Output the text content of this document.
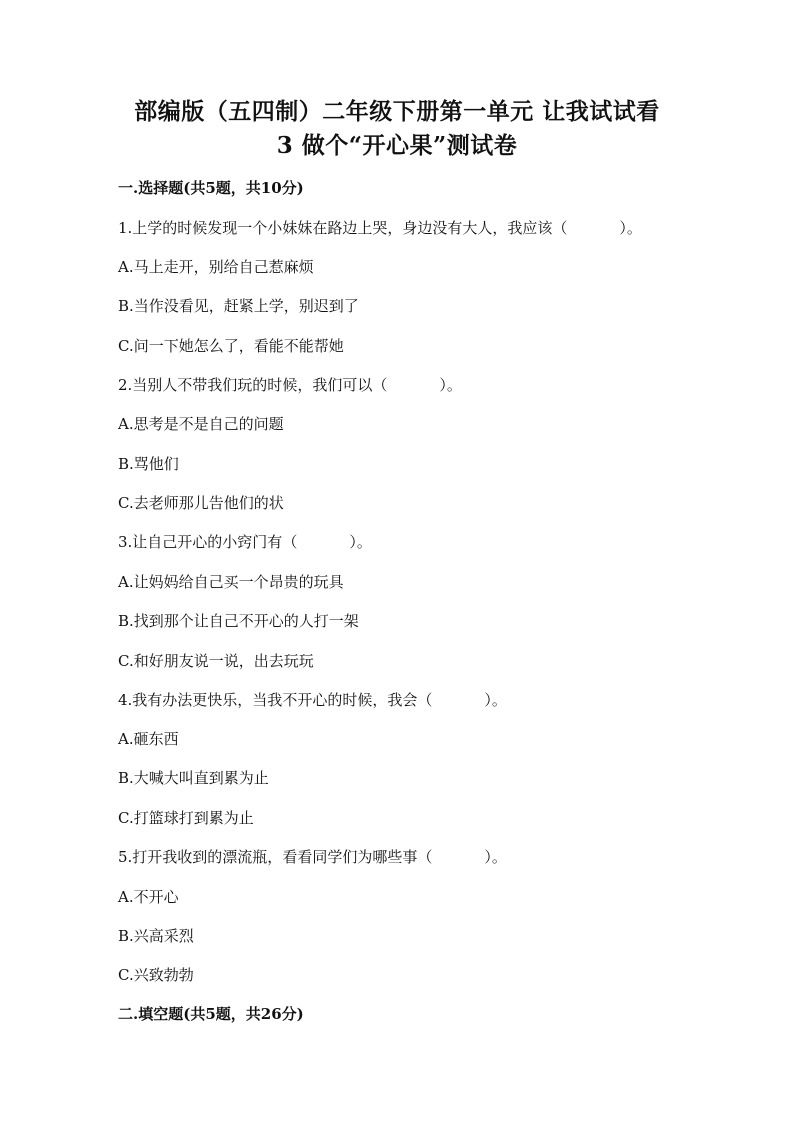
部编版（五四制）二年级下册第一单元 让我试试看
3 做个“开心果”测试卷
一.选择题(共5题，共10分)
1.上学的时候发现一个小妹妹在路边上哭，身边没有大人，我应该（	）。
A.马上走开，别给自己惹麻烦
B.当作没看见，赶紧上学，别迟到了
C.问一下她怎么了，看能不能帮她
2.当别人不带我们玩的时候，我们可以（	）。
A.思考是不是自己的问题
B.骂他们
C.去老师那儿告他们的状
3.让自己开心的小窍门有（	）。
A.让妈妈给自己买一个昂贵的玩具
B.找到那个让自己不开心的人打一架
C.和好朋友说一说，出去玩玩
4.我有办法更快乐，当我不开心的时候，我会（	）。
A.砸东西
B.大喊大叫直到累为止
C.打篮球打到累为止
5.打开我收到的漂流瓶，看看同学们为哪些事（	）。
A.不开心
B.兴高采烈
C.兴致勃勃
二.填空题(共5题，共26分)
